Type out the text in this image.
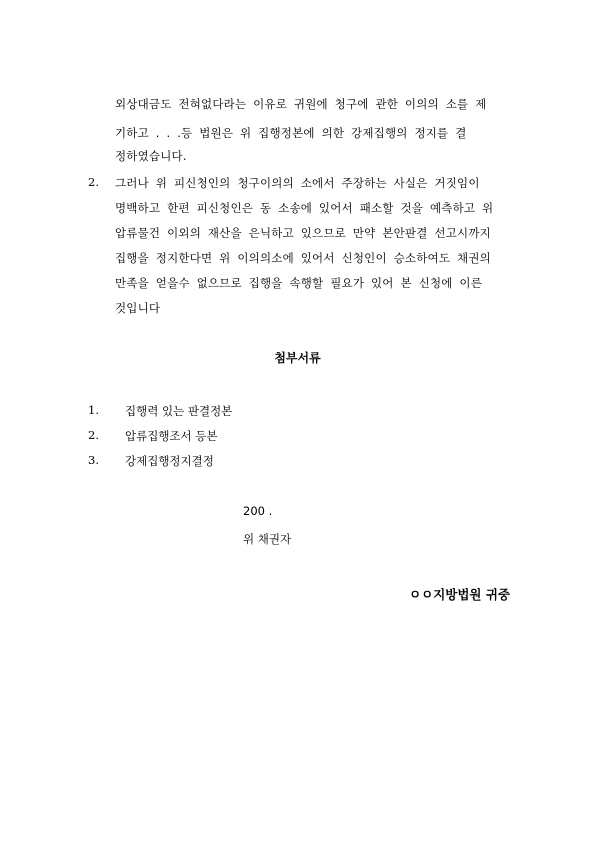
외상대금도 전혀없다라는 이유로 귀원에 청구에 관한 이의의 소를 제
기하고 . . .등 법원은 위 집행정본에 의한 강제집행의 정지를 결
정하였습니다.
2. 그러나 위 피신청인의 청구이의의 소에서 주장하는 사실은 거짓임이
명백하고 한편 피신청인은 동 소송에 있어서 패소할 것을 예측하고 위
압류물건 이외의 재산을 은닉하고 있으므로 만약 본안판결 선고시까지
집행을 정지한다면 위 이의의소에 있어서 신청인이 승소하여도 채권의
만족을 얻을수 없으므로 집행을 속행할 필요가 있어 본 신청에 이른
것입니다
첨부서류
1. 집행력 있는 판결정본
2. 압류집행조서 등본
3. 강제집행정지결정
200 .
위 채권자
ㅇㅇ지방법원 귀중
